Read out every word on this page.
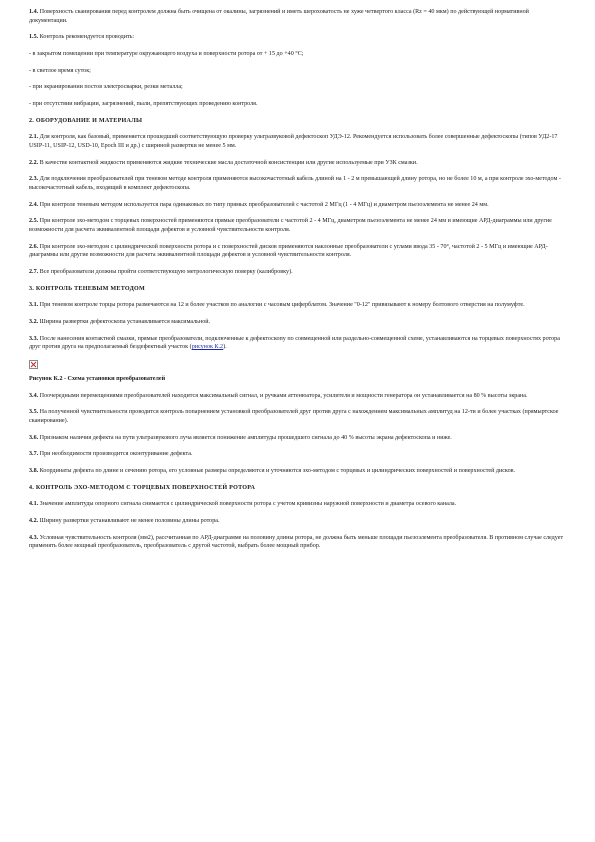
1.4. Поверхность сканирования перед контролем должна быть очищена от окалины, загрязнений и иметь шероховатость не хуже четвертого класса (Rz = 40 мкм) по действующей нормативной документации.

1.5. Контроль рекомендуется проводить:

- в закрытом помещении при температуре окружающего воздуха и поверхности ротора от + 15 до +40 °С;

- в светлое время суток;

- при экранировании постов электросварки, резки металла;

- при отсутствии вибрации, загрязнений, пыли, препятствующих проведению контроля.

2. ОБОРУДОВАНИЕ И МАТЕРИАЛЫ

2.1. Для контроля, как базовый, применяется прошедший соответствующую проверку ультразвуковой дефектоскоп УДЭ-12. Рекомендуется использовать более совершенные дефектоскопы (типов УД2-17 USIP-11, USIP-12, USD-10, Epoch III и др.) с шириной развертки не менее 5 мм.

2.2. В качестве контактной жидкости применяются жидкие технические масла достаточной консистенции или другие используемые при УЗК смазки.

2.3. Для подключения преобразователей при теневом методе контроля применяются высокочастотный кабель длиной на 1 - 2 м превышающей длину ротора, но не более 10 м, а при контроле эхо-методом - высокочастотный кабель, входящий в комплект дефектоскопа.

2.4. При контроле теневым методом используется пара одинаковых по типу прямых преобразователей с частотой 2 МГц (1 - 4 МГц) и диаметром пьезоэлемента не менее 24 мм.

2.5. При контроле эхо-методом с торцевых поверхностей применяются прямые преобразователи с частотой 2 - 4 МГц, диаметром пьезоэлемента не менее 24 мм и имеющие АРД-диаграммы или другие возможности для расчета эквивалентной площади дефектов и условной чувствительности контроля.

2.6. При контроле эхо-методом с цилиндрической поверхности ротора и с поверхностей дисков применяются наклонные преобразователи с углами ввода 35 - 70°, частотой 2 - 5 МГц и имеющие АРД-диаграммы или другие возможности для расчета эквивалентной площади дефектов и условной чувствительности контроля.

2.7. Все преобразователи должны пройти соответствующую метрологическую поверку (калибровку).

3. КОНТРОЛЬ ТЕНЕВЫМ МЕТОДОМ

3.1. При теневом контроле торцы ротора размечаются на 12 и более участков по аналогии с часовым циферблатом. Значение "0-12" привязывают к номеру болтового отверстия на полумуфте.

3.2. Ширина развертки дефектоскопа устанавливается максимальной.

3.3. После нанесения контактной смазки, прямые преобразователи, подключенные к дефектоскопу по совмещенной или раздельно-совмещенной схеме, устанавливаются на торцевых поверхностях ротора друг против друга на предполагаемый бездефектный участок (рисунок К.2).

Рисунок К.2 - Схема установки преобразователей

3.4. Поочередными перемещениями преобразователей находится максимальный сигнал, и ручками аттенюатора, усилителя и мощности генератора он устанавливается на 80 % высоты экрана.

3.5. На полученной чувствительности проводится контроль попарнением установкой преобразователей друг против друга с нахождением максимальных амплитуд на 12-ти и более участках (прямыртское сканирование).

3.6. Признаком наличия дефекта на пути ультразвукового луча является понижение амплитуды прошедшего сигнала до 40 % высоты экрана дефектоскопа и ниже.

3.7. При необходимости производится оконтуривание дефекта.

3.8. Координаты дефекта по длине и сечению ротора, его условные размеры определяются и уточняются эхо-методом с торцевых и цилиндрических поверхностей и поверхностей дисков.

4. КОНТРОЛЬ ЭХО-МЕТОДОМ С ТОРЦЕВЫХ ПОВЕРХНОСТЕЙ РОТОРА

4.1. Значение амплитуды опорного сигнала снимается с цилиндрической поверхности ротора с учетом кривизны наружной поверхности и диаметра осевого канала.

4.2. Ширину развертки устанавливают не менее половины длины ротора.

4.3. Условная чувствительность контроля (мм2), рассчитанная по АРД-диаграмме на половину длины ротора, не должна быть меньше площади пьезоэлемента преобразователя. В противном случае следует применять более мощный преобразователь, преобразователь с другой частотой, выбрать более мощный прибор.
